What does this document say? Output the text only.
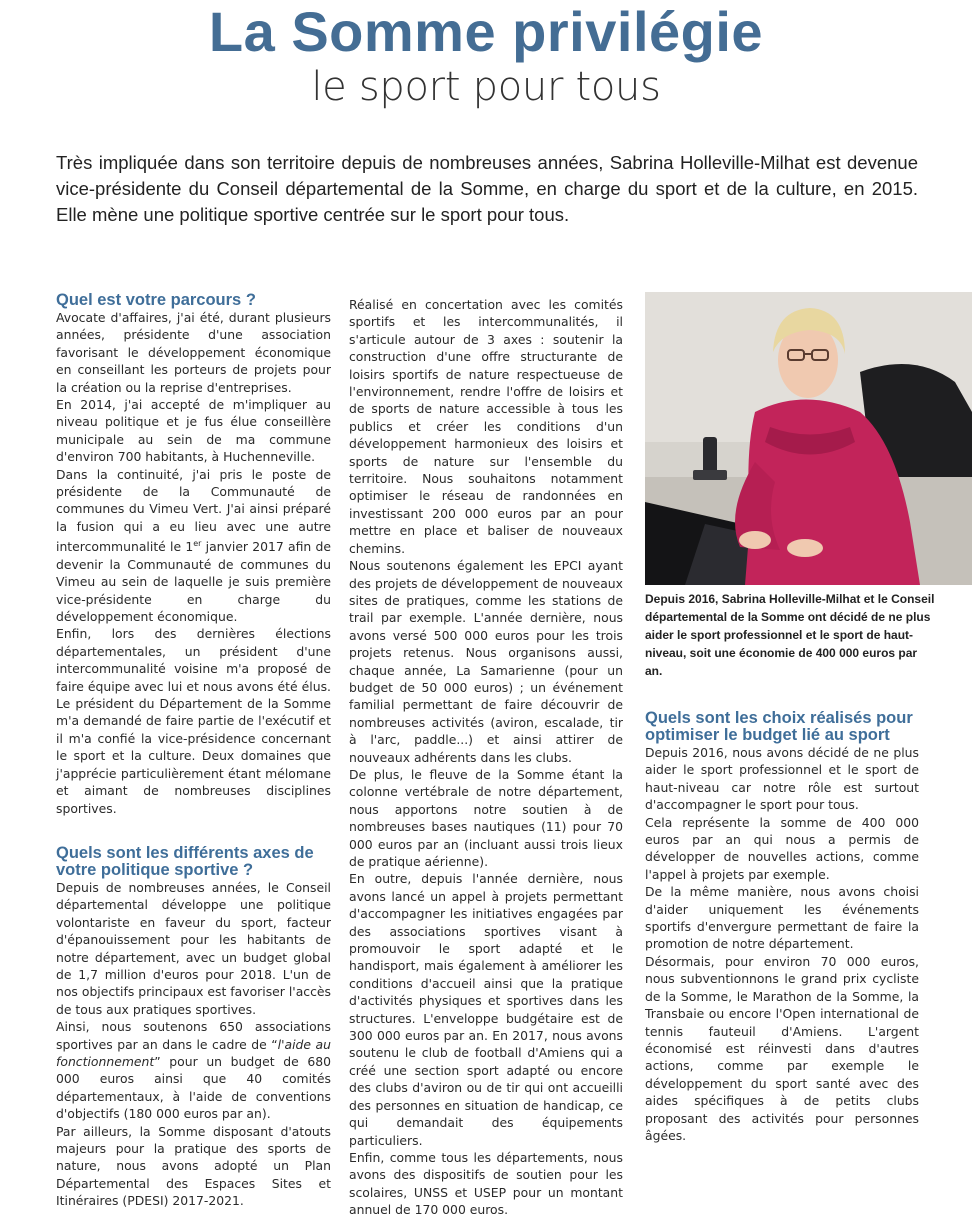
La Somme privilégie
le sport pour tous

Très impliquée dans son territoire depuis de nombreuses années, Sabrina Holleville-Milhat est devenue vice-présidente du Conseil départemental de la Somme, en charge du sport et de la culture, en 2015. Elle mène une politique sportive centrée sur le sport pour tous.

Quel est votre parcours ?

Avocate d'affaires, j'ai été, durant plusieurs années, présidente d'une association favorisant le développement économique en conseillant les porteurs de projets pour la création ou la reprise d'entreprises.

En 2014, j'ai accepté de m'impliquer au niveau politique et je fus élue conseillère municipale au sein de ma commune d'environ 700 habitants, à Huchenneville.

Dans la continuité, j'ai pris le poste de présidente de la Communauté de communes du Vimeu Vert. J'ai ainsi préparé la fusion qui a eu lieu avec une autre intercommunalité le 1er janvier 2017 afin de devenir la Communauté de communes du Vimeu au sein de laquelle je suis première vice-présidente en charge du développement économique.

Enfin, lors des dernières élections départementales, un président d'une intercommunalité voisine m'a proposé de faire équipe avec lui et nous avons été élus. Le président du Département de la Somme m'a demandé de faire partie de l'exécutif et il m'a confié la vice-présidence concernant le sport et la culture. Deux domaines que j'apprécie particulièrement étant mélomane et aimant de nombreuses disciplines sportives.

Quels sont les différents axes de votre politique sportive ?

Depuis de nombreuses années, le Conseil départemental développe une politique volontariste en faveur du sport, facteur d'épanouissement pour les habitants de notre département, avec un budget global de 1,7 million d'euros pour 2018. L'un de nos objectifs principaux est favoriser l'accès de tous aux pratiques sportives.

Ainsi, nous soutenons 650 associations sportives par an dans le cadre de “l'aide au fonctionnement” pour un budget de 680 000 euros ainsi que 40 comités départementaux, à l'aide de conventions d'objectifs (180 000 euros par an).

Par ailleurs, la Somme disposant d'atouts majeurs pour la pratique des sports de nature, nous avons adopté un Plan Départemental des Espaces Sites et Itinéraires (PDESI) 2017-2021.

Réalisé en concertation avec les comités sportifs et les intercommunalités, il s'articule autour de 3 axes : soutenir la construction d'une offre structurante de loisirs sportifs de nature respectueuse de l'environnement, rendre l'offre de loisirs et de sports de nature accessible à tous les publics et créer les conditions d'un développement harmonieux des loisirs et sports de nature sur l'ensemble du territoire. Nous souhaitons notamment optimiser le réseau de randonnées en investissant 200 000 euros par an pour mettre en place et baliser de nouveaux chemins.

Nous soutenons également les EPCI ayant des projets de développement de nouveaux sites de pratiques, comme les stations de trail par exemple. L'année dernière, nous avons versé 500 000 euros pour les trois projets retenus. Nous organisons aussi, chaque année, La Samarienne (pour un budget de 50 000 euros) ; un événement familial permettant de faire découvrir de nombreuses activités (aviron, escalade, tir à l'arc, paddle...) et ainsi attirer de nouveaux adhérents dans les clubs.

De plus, le fleuve de la Somme étant la colonne vertébrale de notre département, nous apportons notre soutien à de nombreuses bases nautiques (11) pour 70 000 euros par an (incluant aussi trois lieux de pratique aérienne).

En outre, depuis l'année dernière, nous avons lancé un appel à projets permettant d'accompagner les initiatives engagées par des associations sportives visant à promouvoir le sport adapté et le handisport, mais également à améliorer les conditions d'accueil ainsi que la pratique d'activités physiques et sportives dans les structures. L'enveloppe budgétaire est de 300 000 euros par an. En 2017, nous avons soutenu le club de football d'Amiens qui a créé une section sport adapté ou encore des clubs d'aviron ou de tir qui ont accueilli des personnes en situation de handicap, ce qui demandait des équipements particuliers.

Enfin, comme tous les départements, nous avons des dispositifs de soutien pour les scolaires, UNSS et USEP pour un montant annuel de 170 000 euros.

Depuis 2016, Sabrina Holleville-Milhat et le Conseil départemental de la Somme ont décidé de ne plus aider le sport professionnel et le sport de haut-niveau, soit une économie de 400 000 euros par an.
Quels sont les choix réalisés pour optimiser le budget lié au sport

Depuis 2016, nous avons décidé de ne plus aider le sport professionnel et le sport de haut-niveau car notre rôle est surtout d'accompagner le sport pour tous.

Cela représente la somme de 400 000 euros par an qui nous a permis de développer de nouvelles actions, comme l'appel à projets par exemple.

De la même manière, nous avons choisi d'aider uniquement les événements sportifs d'envergure permettant de faire la promotion de notre département.

Désormais, pour environ 70 000 euros, nous subventionnons le grand prix cycliste de la Somme, le Marathon de la Somme, la Transbaie ou encore l'Open international de tennis fauteuil d'Amiens. L'argent économisé est réinvesti dans d'autres actions, comme par exemple le développement du sport santé avec des aides spécifiques à de petits clubs proposant des activités pour personnes âgées.
